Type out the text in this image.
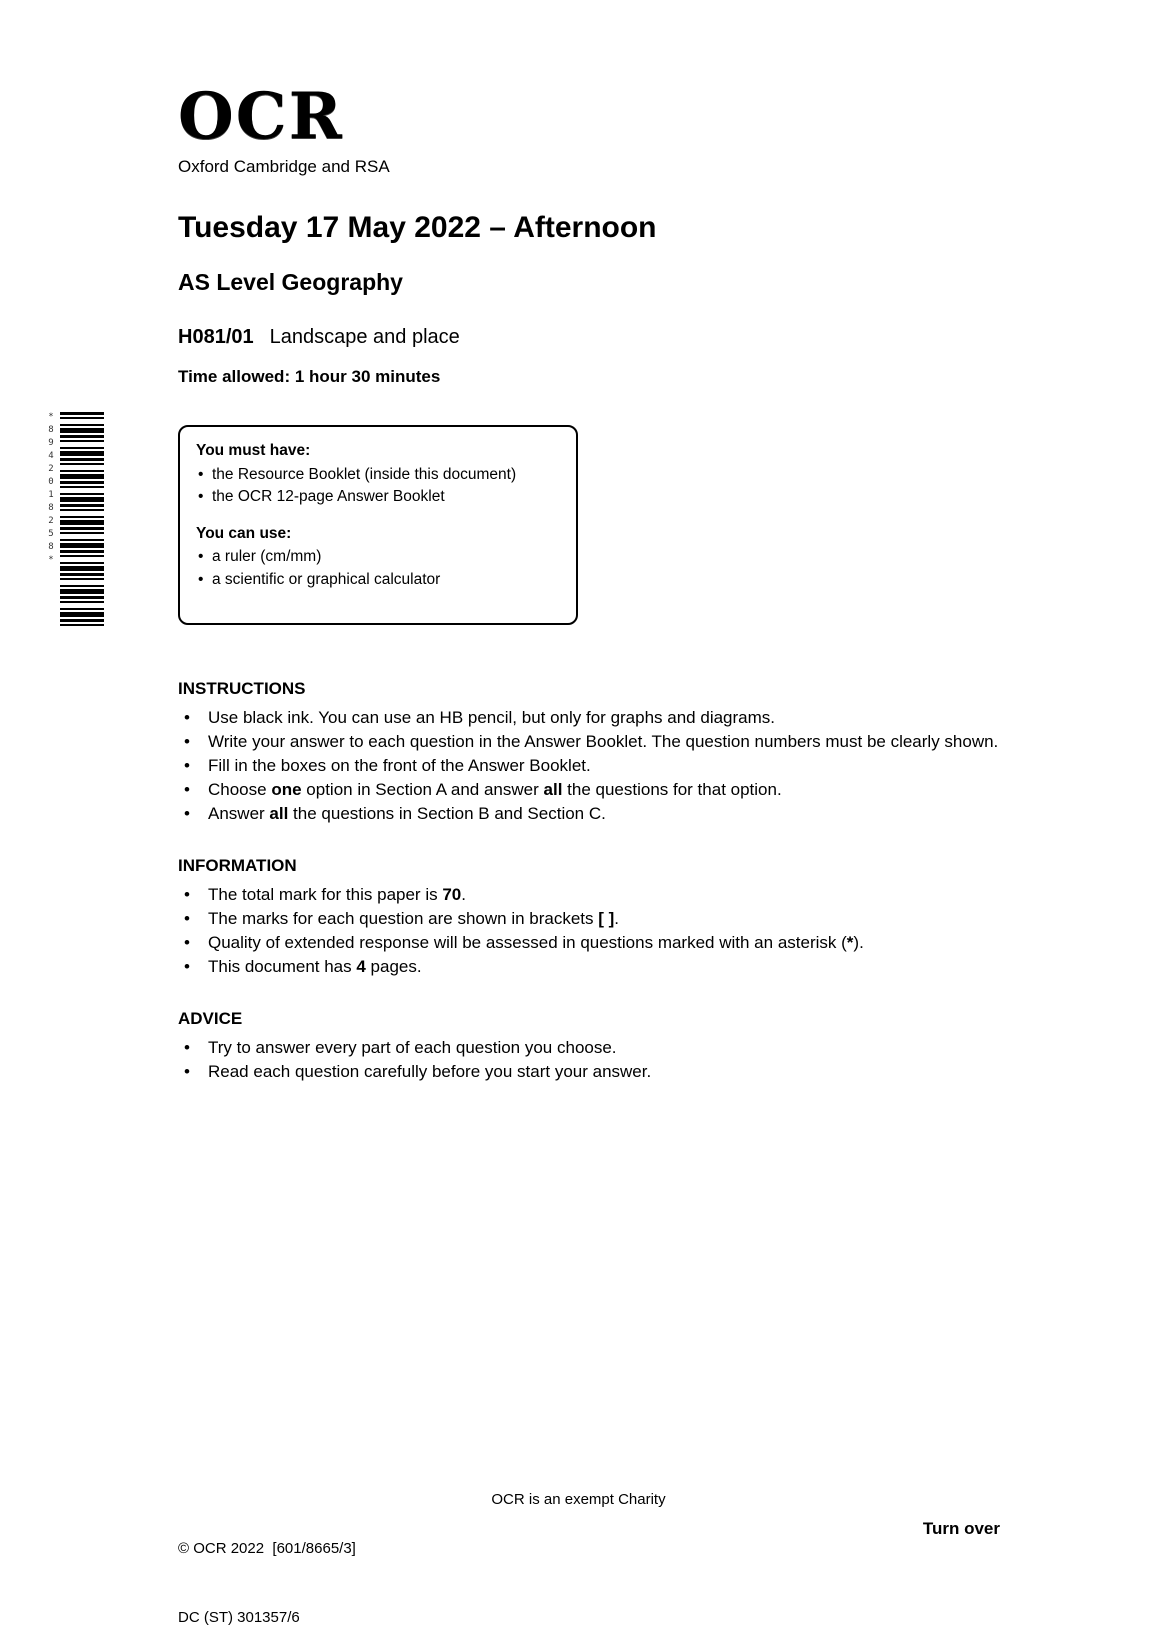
*8942018258*
OCR
Oxford Cambridge and RSA
Tuesday 17 May 2022 – Afternoon
AS Level Geography
H081/01 Landscape and place
Time allowed: 1 hour 30 minutes
You must have:
• the Resource Booklet (inside this document)
• the OCR 12-page Answer Booklet
You can use:
• a ruler (cm/mm)
• a scientific or graphical calculator
INSTRUCTIONS
• Use black ink. You can use an HB pencil, but only for graphs and diagrams.
• Write your answer to each question in the Answer Booklet. The question numbers must be clearly shown.
• Fill in the boxes on the front of the Answer Booklet.
• Choose one option in Section A and answer all the questions for that option.
• Answer all the questions in Section B and Section C.
INFORMATION
• The total mark for this paper is 70.
• The marks for each question are shown in brackets [ ].
• Quality of extended response will be assessed in questions marked with an asterisk (*).
• This document has 4 pages.
ADVICE
• Try to answer every part of each question you choose.
• Read each question carefully before you start your answer.

© OCR 2022  [601/8665/3]

DC (ST) 301357/6

OCR is an exempt Charity
Turn over
